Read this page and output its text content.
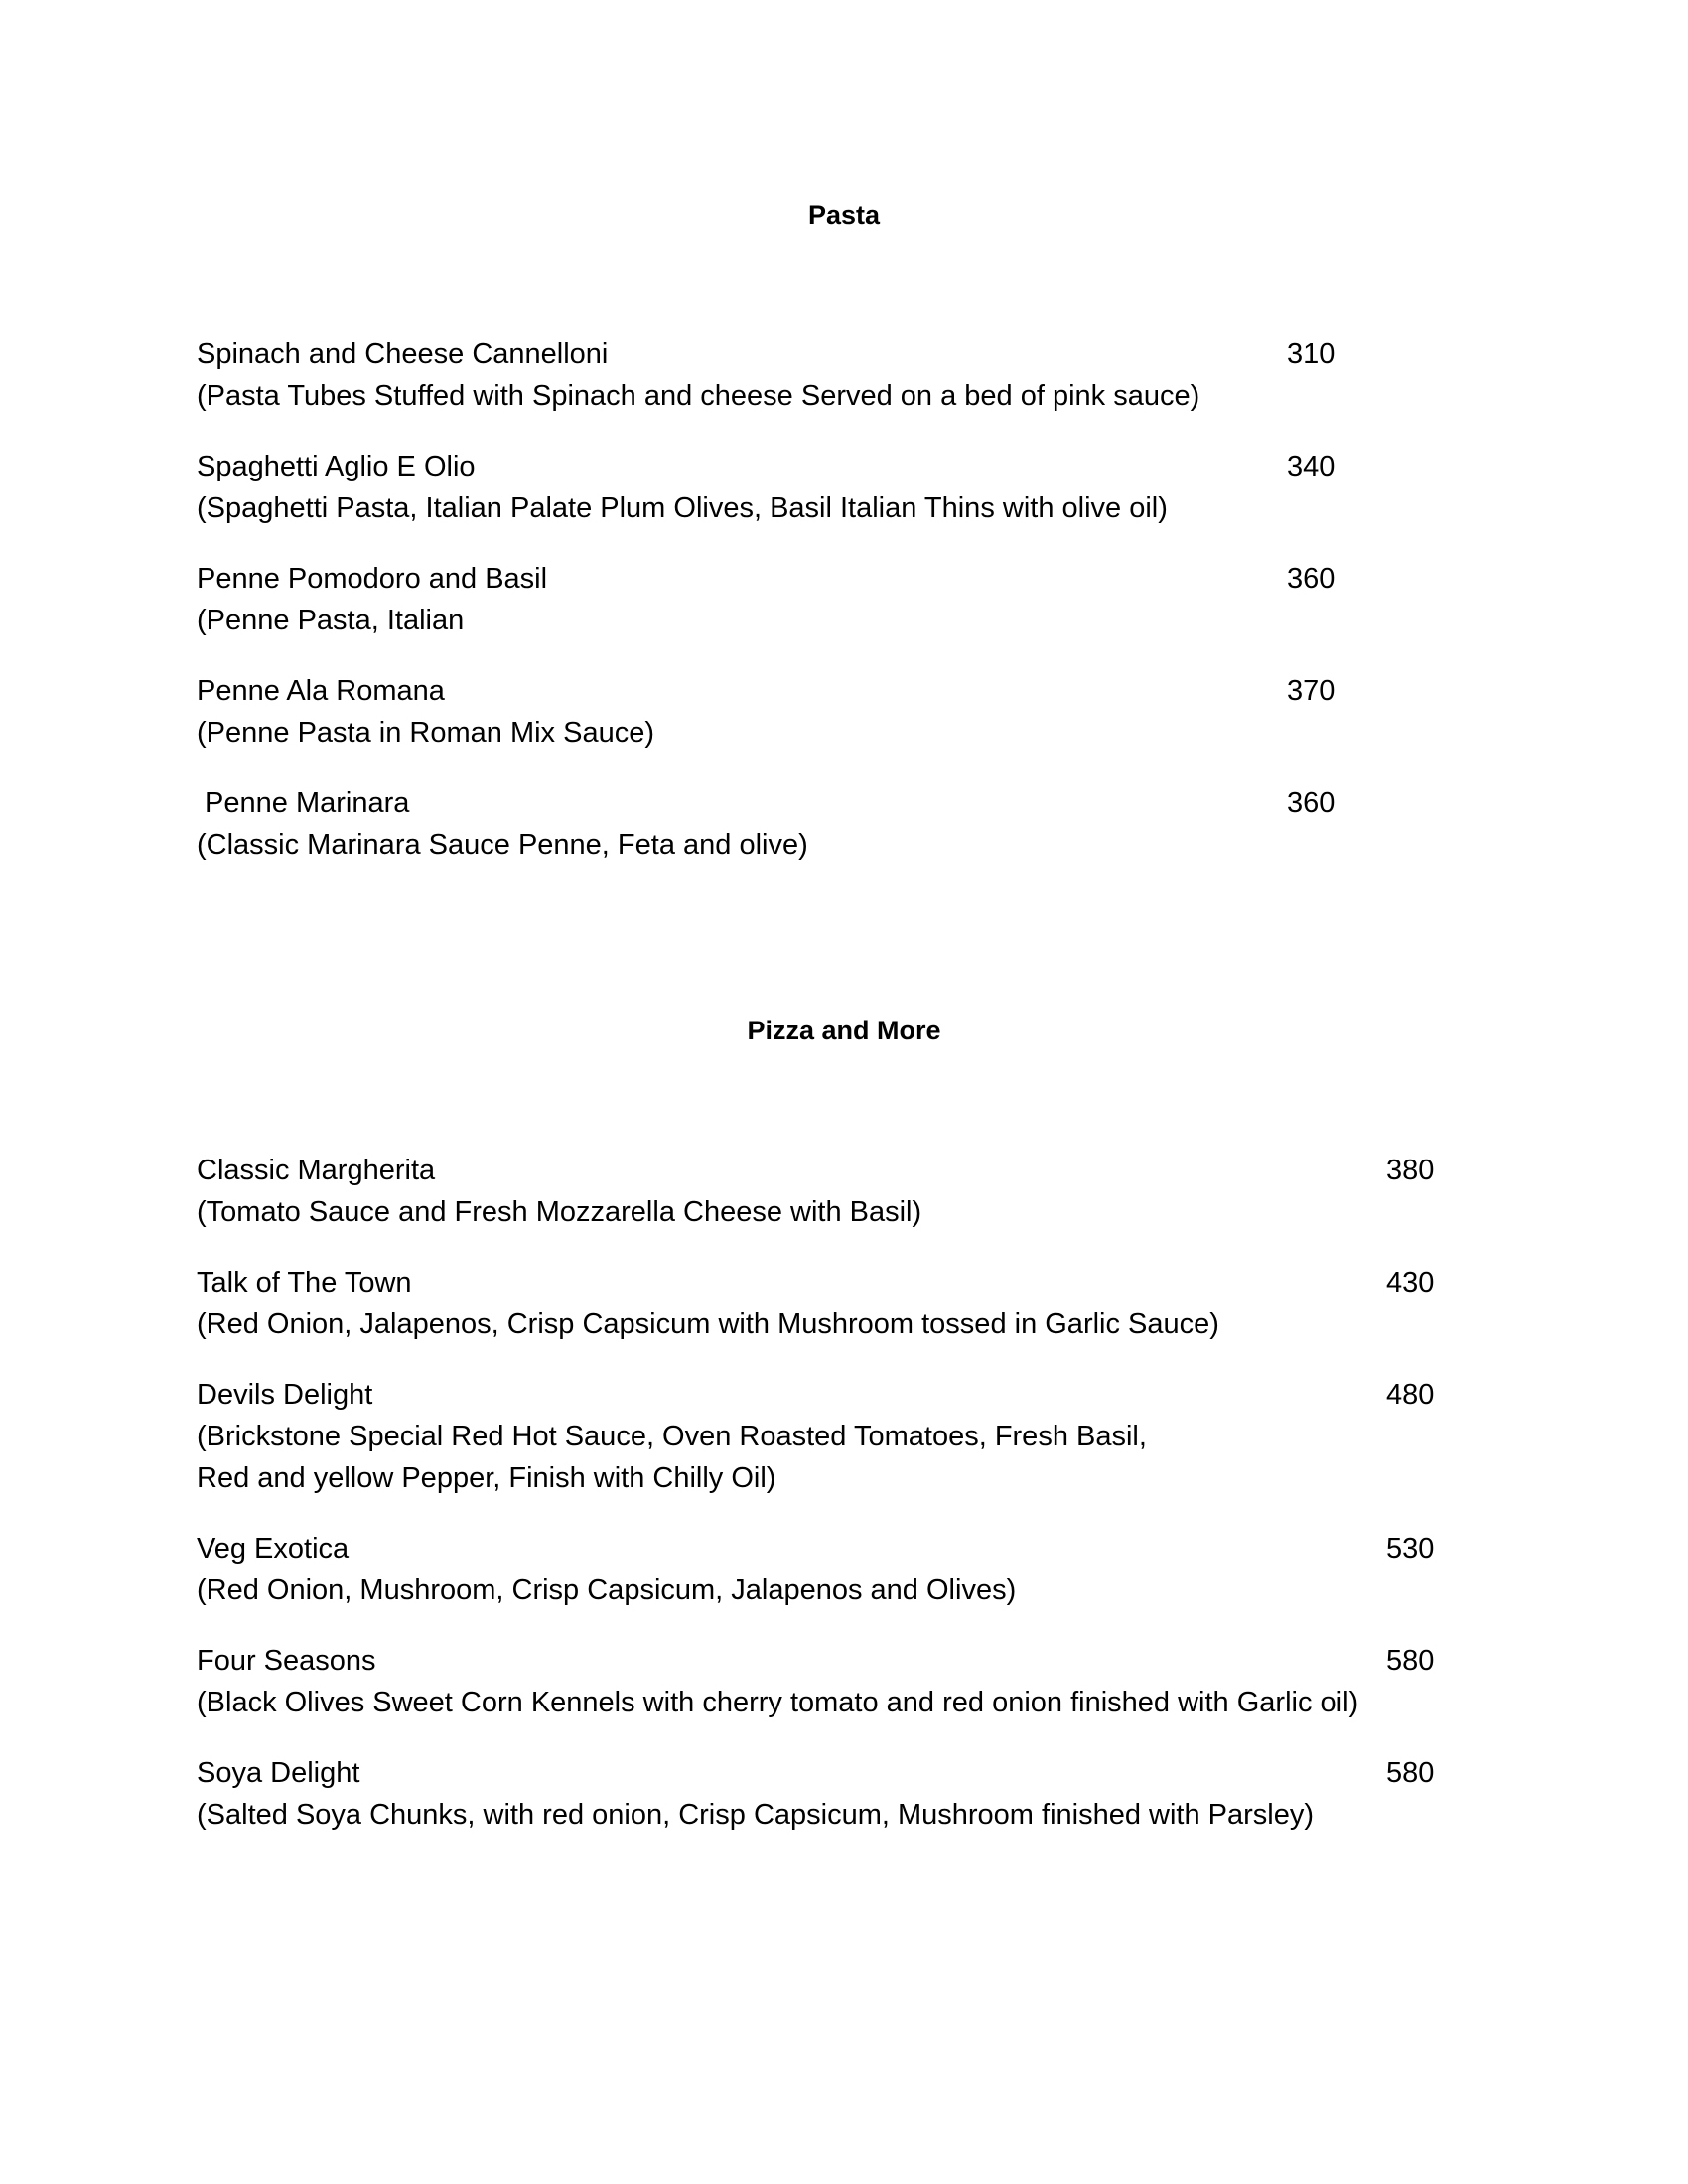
Pasta
Spinach and Cheese Cannelloni
(Pasta Tubes Stuffed with Spinach and cheese Served on a bed of pink sauce)
310
Spaghetti Aglio E Olio
(Spaghetti Pasta, Italian Palate Plum Olives, Basil Italian Thins with olive oil)
340
Penne Pomodoro and Basil
(Penne Pasta, Italian
360
Penne Ala Romana
(Penne Pasta in Roman Mix Sauce)
370
Penne Marinara
(Classic Marinara Sauce Penne, Feta and olive)
360
Pizza and More
Classic Margherita
(Tomato Sauce and Fresh Mozzarella Cheese with Basil)
380
Talk of The Town
(Red Onion, Jalapenos, Crisp Capsicum with Mushroom tossed in Garlic Sauce)
430
Devils Delight
(Brickstone Special Red Hot Sauce, Oven Roasted Tomatoes, Fresh Basil,
Red and yellow Pepper, Finish with Chilly Oil)
480
Veg Exotica
(Red Onion, Mushroom, Crisp Capsicum, Jalapenos and Olives)
530
Four Seasons
(Black Olives Sweet Corn Kennels with cherry tomato and red onion finished with Garlic oil)
580
Soya Delight
(Salted Soya Chunks, with red onion, Crisp Capsicum, Mushroom finished with Parsley)
580
